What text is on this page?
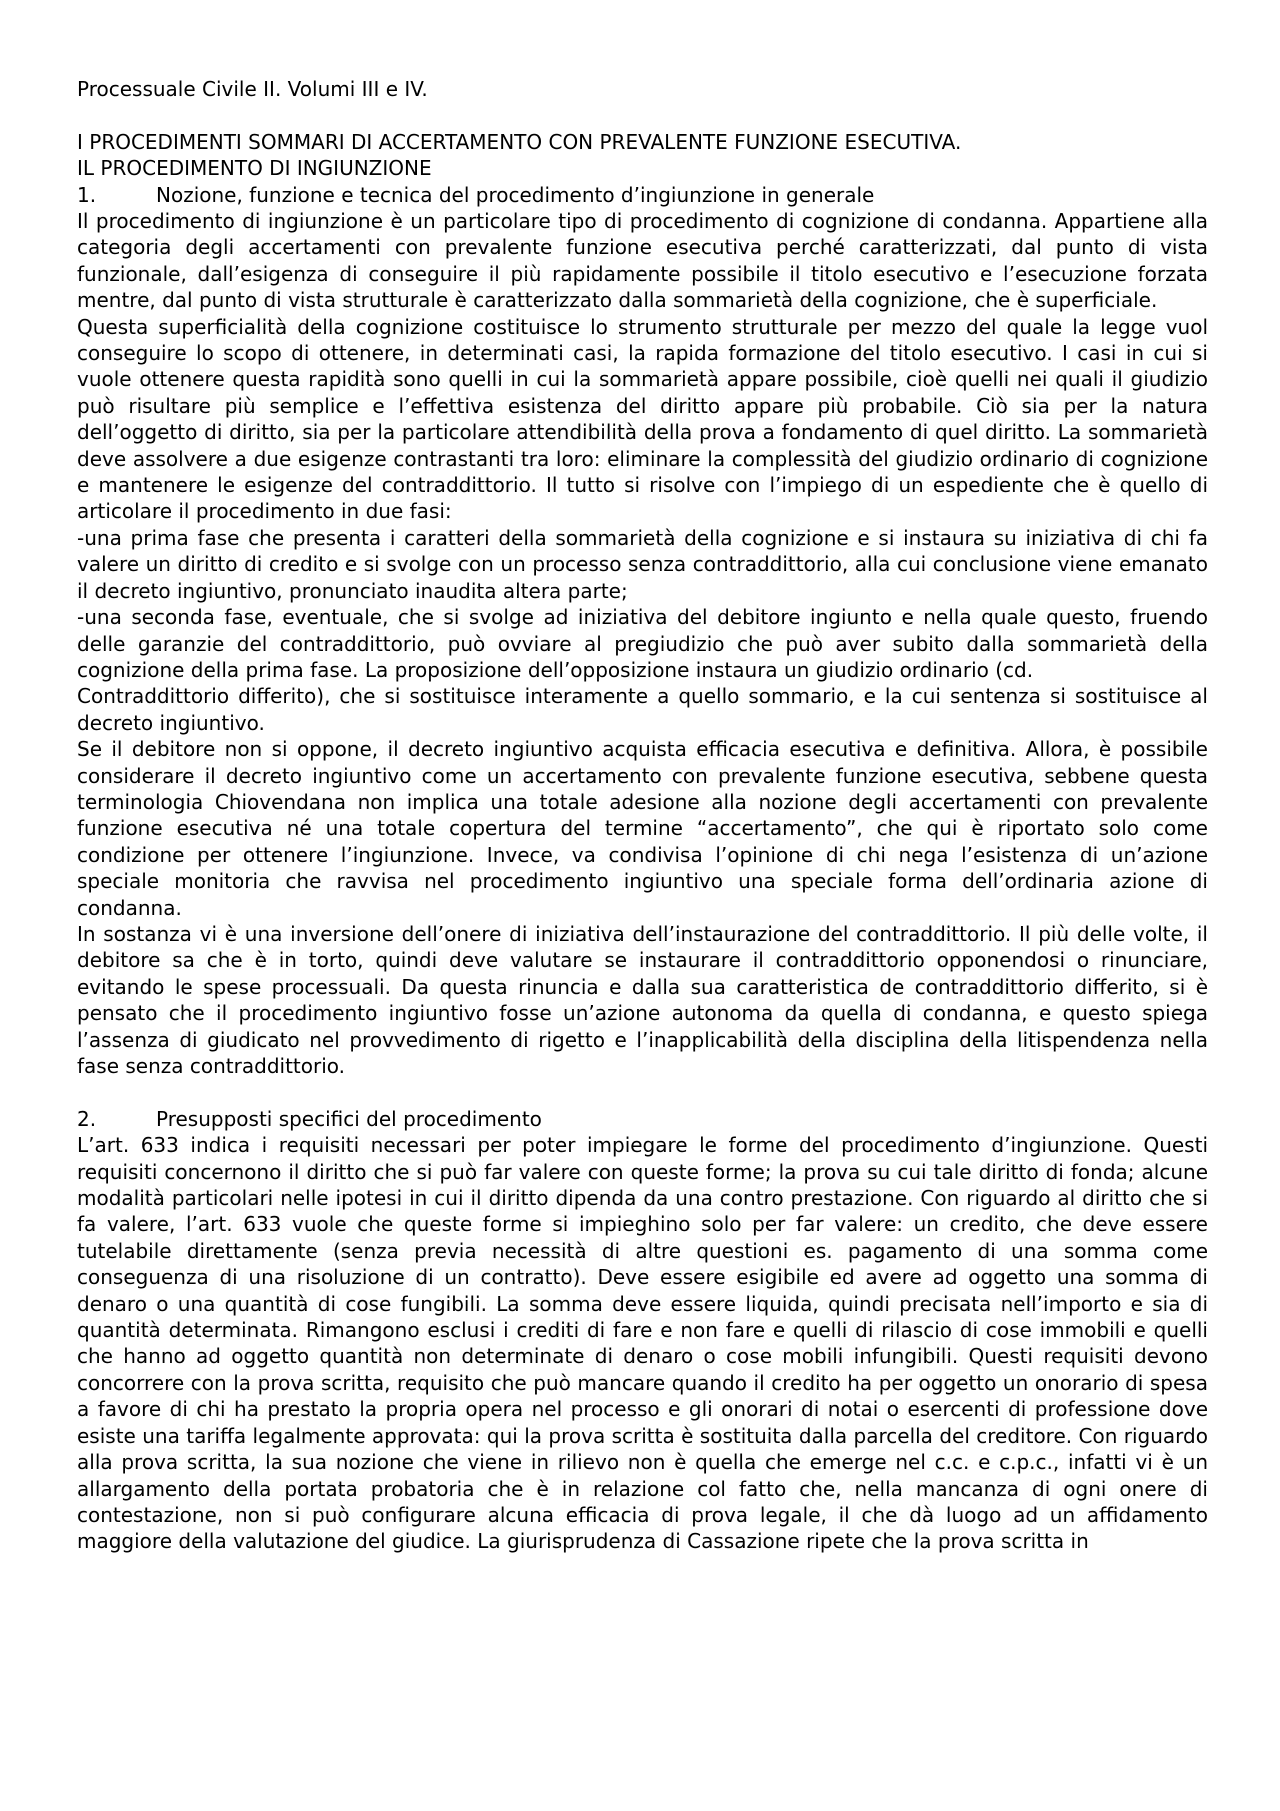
Processuale Civile II. Volumi III e IV.

I PROCEDIMENTI SOMMARI DI ACCERTAMENTO CON PREVALENTE FUNZIONE ESECUTIVA.

IL PROCEDIMENTO DI INGIUNZIONE

1.	Nozione, funzione e tecnica del procedimento d’ingiunzione in generale

Il procedimento di ingiunzione è un particolare tipo di procedimento di cognizione di condanna. Appartiene alla categoria degli accertamenti con prevalente funzione esecutiva perché caratterizzati, dal punto di vista funzionale, dall’esigenza di conseguire il più rapidamente possibile il titolo esecutivo e l’esecuzione forzata mentre, dal punto di vista strutturale è caratterizzato dalla sommarietà della cognizione, che è superficiale.

Questa superficialità della cognizione costituisce lo strumento strutturale per mezzo del quale la legge vuol conseguire lo scopo di ottenere, in determinati casi, la rapida formazione del titolo esecutivo. I casi in cui si vuole ottenere questa rapidità sono quelli in cui la sommarietà appare possibile, cioè quelli nei quali il giudizio può risultare più semplice e l’effettiva esistenza del diritto appare più probabile. Ciò sia per la natura dell’oggetto di diritto, sia per la particolare attendibilità della prova a fondamento di quel diritto. La sommarietà deve assolvere a due esigenze contrastanti tra loro: eliminare la complessità del giudizio ordinario di cognizione e mantenere le esigenze del contraddittorio. Il tutto si risolve con l’impiego di un espediente che è quello di articolare il procedimento in due fasi:

-una prima fase che presenta i caratteri della sommarietà della cognizione e si instaura su iniziativa di chi fa valere un diritto di credito e si svolge con un processo senza contraddittorio, alla cui conclusione viene emanato il decreto ingiuntivo, pronunciato inaudita altera parte;

-una seconda fase, eventuale, che si svolge ad iniziativa del debitore ingiunto e nella quale questo, fruendo delle garanzie del contraddittorio, può ovviare al pregiudizio che può aver subito dalla sommarietà della cognizione della prima fase. La proposizione dell’opposizione instaura un giudizio ordinario (cd.

Contraddittorio differito), che si sostituisce interamente a quello sommario, e la cui sentenza si sostituisce al decreto ingiuntivo.

Se il debitore non si oppone, il decreto ingiuntivo acquista efficacia esecutiva e definitiva. Allora, è possibile considerare il decreto ingiuntivo come un accertamento con prevalente funzione esecutiva, sebbene questa terminologia Chiovendana non implica una totale adesione alla nozione degli accertamenti con prevalente funzione esecutiva né una totale copertura del termine “accertamento”, che qui è riportato solo come condizione per ottenere l’ingiunzione. Invece, va condivisa l’opinione di chi nega l’esistenza di un’azione speciale monitoria che ravvisa nel procedimento ingiuntivo una speciale forma dell’ordinaria azione di condanna.

In sostanza vi è una inversione dell’onere di iniziativa dell’instaurazione del contraddittorio. Il più delle volte, il debitore sa che è in torto, quindi deve valutare se instaurare il contraddittorio opponendosi o rinunciare, evitando le spese processuali. Da questa rinuncia e dalla sua caratteristica de contraddittorio differito, si è pensato che il procedimento ingiuntivo fosse un’azione autonoma da quella di condanna, e questo spiega l’assenza di giudicato nel provvedimento di rigetto e l’inapplicabilità della disciplina della litispendenza nella fase senza contraddittorio.

2.	Presupposti specifici del procedimento

L’art. 633 indica i requisiti necessari per poter impiegare le forme del procedimento d’ingiunzione. Questi requisiti concernono il diritto che si può far valere con queste forme; la prova su cui tale diritto di fonda; alcune modalità particolari nelle ipotesi in cui il diritto dipenda da una contro prestazione. Con riguardo al diritto che si fa valere, l’art. 633 vuole che queste forme si impieghino solo per far valere: un credito, che deve essere tutelabile direttamente (senza previa necessità di altre questioni es. pagamento di una somma come conseguenza di una risoluzione di un contratto). Deve essere esigibile ed avere ad oggetto una somma di denaro o una quantità di cose fungibili. La somma deve essere liquida, quindi precisata nell’importo e sia di quantità determinata. Rimangono esclusi i crediti di fare e non fare e quelli di rilascio di cose immobili e quelli che hanno ad oggetto quantità non determinate di denaro o cose mobili infungibili. Questi requisiti devono concorrere con la prova scritta, requisito che può mancare quando il credito ha per oggetto un onorario di spesa a favore di chi ha prestato la propria opera nel processo e gli onorari di notai o esercenti di professione dove esiste una tariffa legalmente approvata: qui la prova scritta è sostituita dalla parcella del creditore. Con riguardo alla prova scritta, la sua nozione che viene in rilievo non è quella che emerge nel c.c. e c.p.c., infatti vi è un allargamento della portata probatoria che è in relazione col fatto che, nella mancanza di ogni onere di contestazione, non si può configurare alcuna efficacia di prova legale, il che dà luogo ad un affidamento maggiore della valutazione del giudice. La giurisprudenza di Cassazione ripete che la prova scritta in
